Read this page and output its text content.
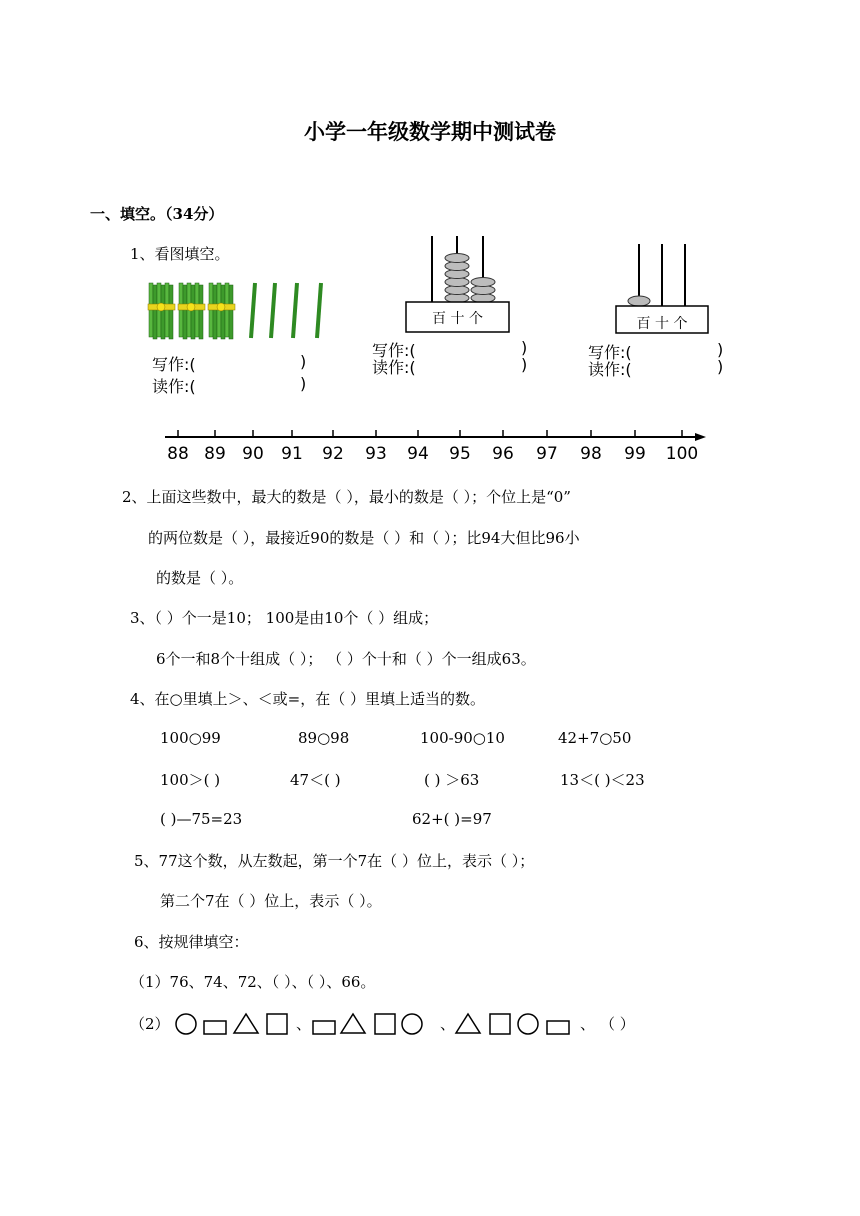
小学一年级数学期中测试卷
一、填空。（34分）
1、看图填空。
写作:(	)
读作:(	)
百 十 个
写作:(	)
读作:(	)
百 十 个
写作:(	)
读作:(	)
88 89 90 91 92 93 94 95 96 97 98 99 100
2、上面这些数中，最大的数是（ ），最小的数是（ ）；个位上是“0”
的两位数是（ ），最接近90的数是（ ）和（ ）；比94大但比96小
的数是（ ）。
3、（ ）个一是10； 100是由10个（ ）组成；
6个一和8个十组成（ ）； （ ）个十和（ ）个一组成63。
4、在○里填上＞、＜或=，在（ ）里填上适当的数。
100○99	89○98	100-90○10	42+7○50
100＞( )	47＜( )	( ) ＞63	13＜( )＜23
( )—75=23	62+( )=97
5、77这个数，从左数起，第一个7在（ ）位上，表示（ ）；
第二个7在（ ）位上，表示（ ）。
6、按规律填空：
（1）76、74、72、（ ）、（ ）、66。
（2）	、	、	、 （ ）
